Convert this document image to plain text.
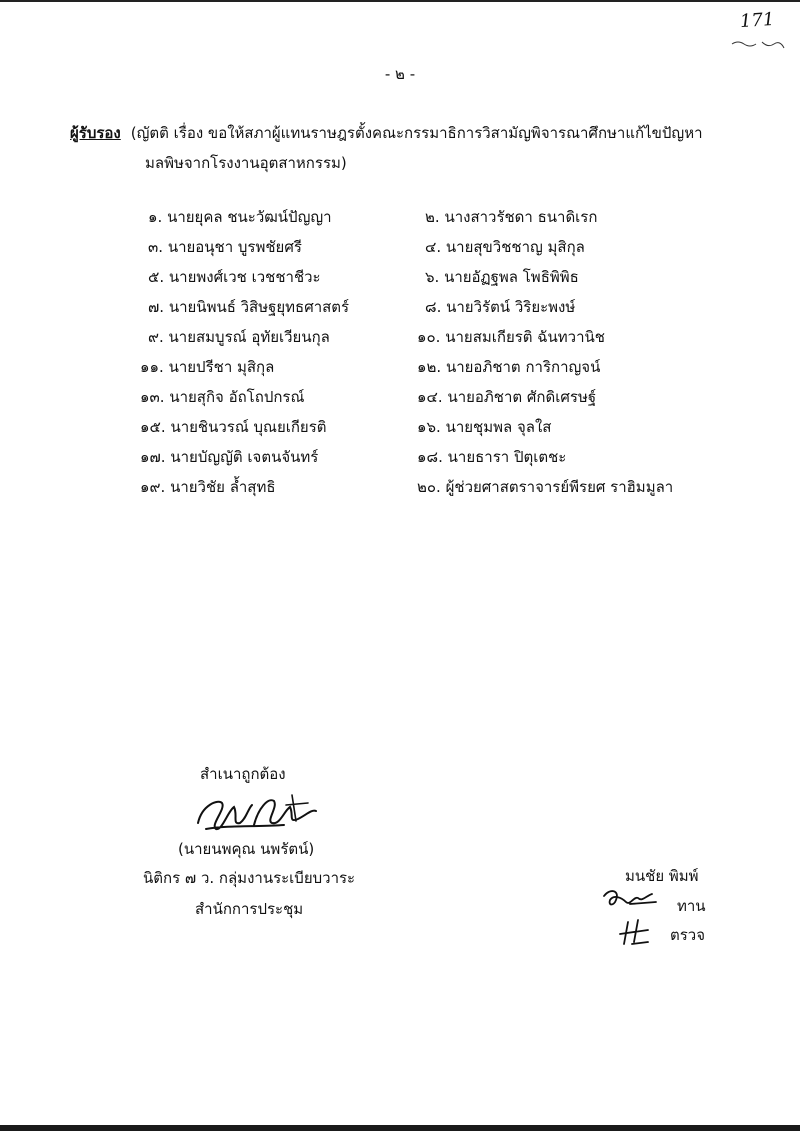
171
- ๒ -
ผู้รับรอง (ญัตติ เรื่อง ขอให้สภาผู้แทนราษฎรตั้งคณะกรรมาธิการวิสามัญพิจารณาศึกษาแก้ไขปัญหา
มลพิษจากโรงงานอุตสาหกรรม)
๑. นายยุคล ชนะวัฒน์ปัญญา
๓. นายอนุชา บูรพชัยศรี
๕. นายพงศ์เวช เวชชาชีวะ
๗. นายนิพนธ์ วิสิษฐยุทธศาสตร์
๙. นายสมบูรณ์ อุทัยเวียนกุล
๑๑. นายปรีชา มุสิกุล
๑๓. นายสุกิจ อัถโถปกรณ์
๑๕. นายชินวรณ์ บุณยเกียรติ
๑๗. นายบัญญัติ เจตนจันทร์
๑๙. นายวิชัย ล้ำสุทธิ
๒. นางสาวรัชดา ธนาดิเรก
๔. นายสุขวิชชาญ มุสิกุล
๖. นายอัฏฐพล โพธิพิพิธ
๘. นายวิรัตน์ วิริยะพงษ์
๑๐. นายสมเกียรติ ฉันทวานิช
๑๒. นายอภิชาต การิกาญจน์
๑๔. นายอภิชาต ศักดิเศรษฐ์
๑๖. นายชุมพล จุลใส
๑๘. นายธารา ปิตุเตชะ
๒๐. ผู้ช่วยศาสตราจารย์พีรยศ ราฮิมมูลา
สำเนาถูกต้อง
(นายนพคุณ นพรัตน์)
นิติกร ๗ ว. กลุ่มงานระเบียบวาระ
สำนักการประชุม
มนชัย พิมพ์
ทาน
ตรวจ
